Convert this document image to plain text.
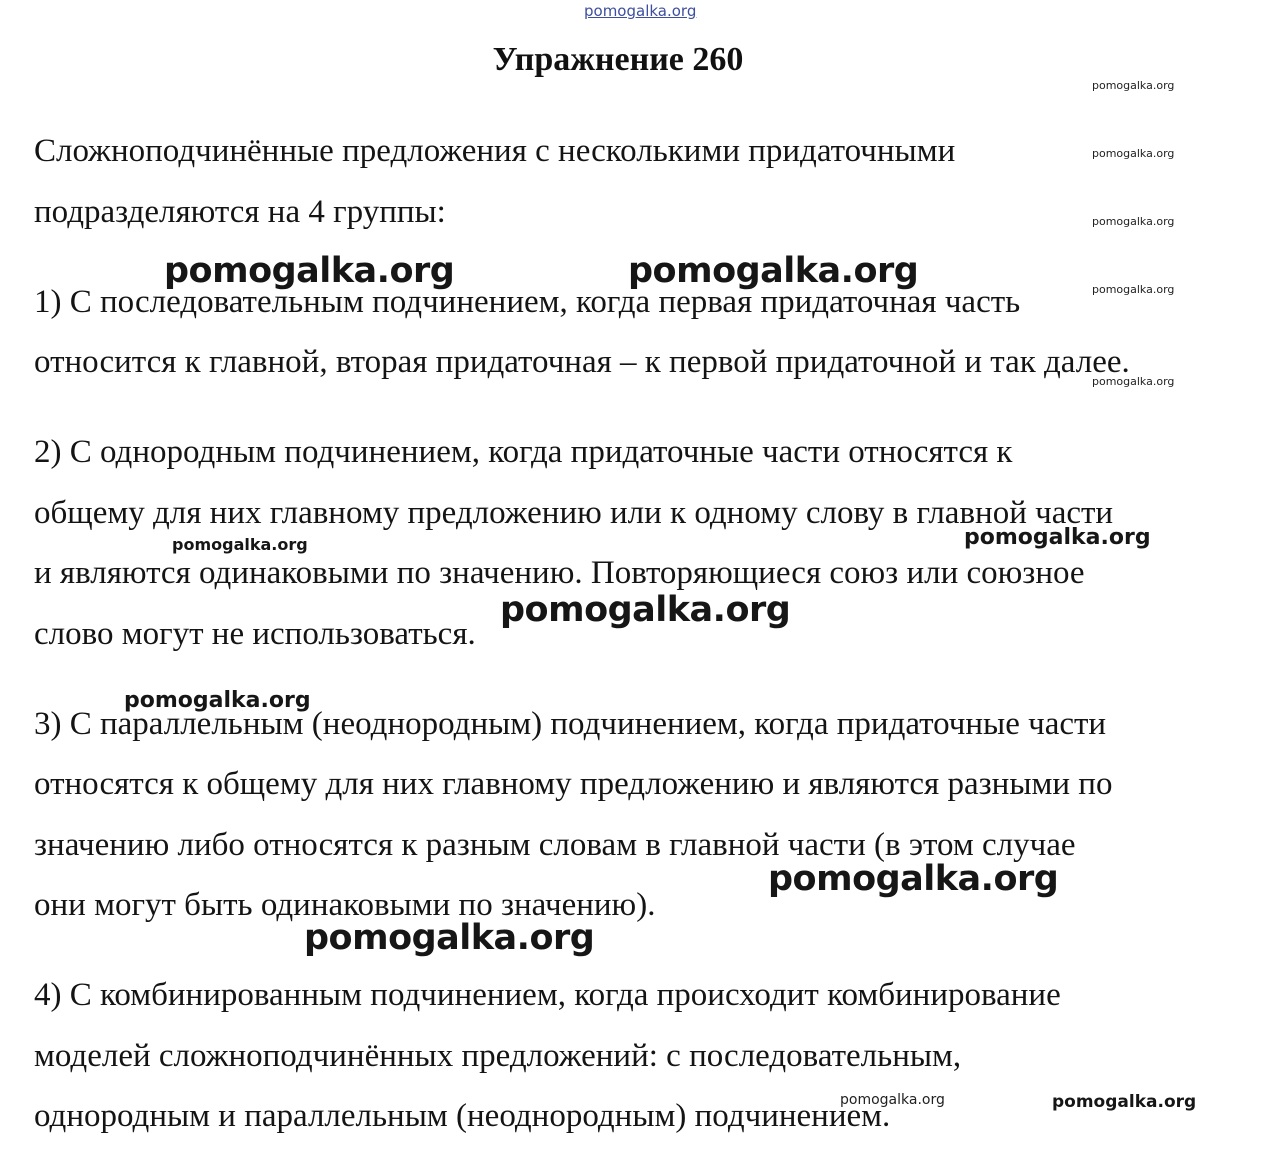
pomogalka.org
Упражнение 260

Сложноподчинённые предложения с несколькими придаточными

подразделяются на 4 группы:

1) С последовательным подчинением, когда первая придаточная часть

относится к главной, вторая придаточная – к первой придаточной и так далее.

2) С однородным подчинением, когда придаточные части относятся к

общему для них главному предложению или к одному слову в главной части

и являются одинаковыми по значению. Повторяющиеся союз или союзное

слово могут не использоваться.

3) С параллельным (неоднородным) подчинением, когда придаточные части

относятся к общему для них главному предложению и являются разными по

значению либо относятся к разным словам в главной части (в этом случае

они могут быть одинаковыми по значению).

4) С комбинированным подчинением, когда происходит комбинирование

моделей сложноподчинённых предложений: с последовательным,

однородным и параллельным (неоднородным) подчинением.

pomogalka.org	pomogalka.org
pomogalka.org
pomogalka.org
pomogalka.org
pomogalka.org
pomogalka.org
pomogalka.org
pomogalka.org
pomogalka.org
pomogalka.org
pomogalka.org
pomogalka.org
pomogalka.org
pomogalka.org
